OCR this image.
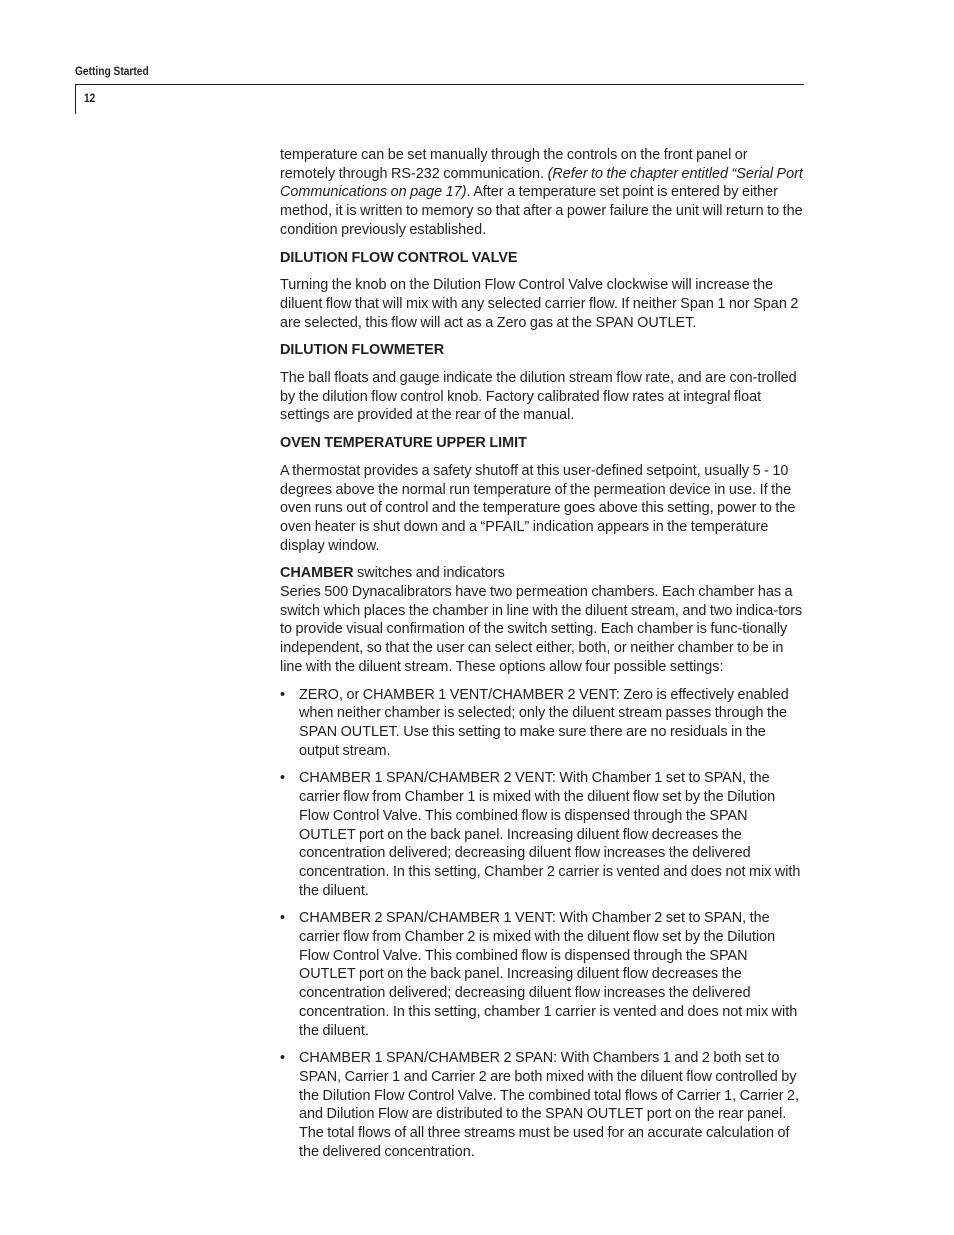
Getting Started
12

temperature can be set manually through the controls on the front panel or remotely through RS-232 communication. (Refer to the chapter entitled “Serial Port Communications on page 17). After a temperature set point is entered by either method, it is written to memory so that after a power failure the unit will return to the condition previously established.

DILUTION FLOW CONTROL VALVE

Turning the knob on the Dilution Flow Control Valve clockwise will increase the diluent flow that will mix with any selected carrier flow. If neither Span 1 nor Span 2 are selected, this flow will act as a Zero gas at the SPAN OUTLET.

DILUTION FLOWMETER

The ball floats and gauge indicate the dilution stream flow rate, and are con-trolled by the dilution flow control knob. Factory calibrated flow rates at integral float settings are provided at the rear of the manual.

OVEN TEMPERATURE UPPER LIMIT

A thermostat provides a safety shutoff at this user-defined setpoint, usually 5 - 10 degrees above the normal run temperature of the permeation device in use. If the oven runs out of control and the temperature goes above this setting, power to the oven heater is shut down and a “PFAIL” indication appears in the temperature display window.

CHAMBER switches and indicators

Series 500 Dynacalibrators have two permeation chambers. Each chamber has a switch which places the chamber in line with the diluent stream, and two indica-tors to provide visual confirmation of the switch setting. Each chamber is func-tionally independent, so that the user can select either, both, or neither chamber to be in line with the diluent stream. These options allow four possible settings:

• ZERO, or CHAMBER 1 VENT/CHAMBER 2 VENT: Zero is effectively enabled when neither chamber is selected; only the diluent stream passes through the SPAN OUTLET. Use this setting to make sure there are no residuals in the output stream.
• CHAMBER 1 SPAN/CHAMBER 2 VENT: With Chamber 1 set to SPAN, the carrier flow from Chamber 1 is mixed with the diluent flow set by the Dilution Flow Control Valve. This combined flow is dispensed through the SPAN OUTLET port on the back panel. Increasing diluent flow decreases the concentration delivered; decreasing diluent flow increases the delivered concentration. In this setting, Chamber 2 carrier is vented and does not mix with the diluent.
• CHAMBER 2 SPAN/CHAMBER 1 VENT: With Chamber 2 set to SPAN, the carrier flow from Chamber 2 is mixed with the diluent flow set by the Dilution Flow Control Valve. This combined flow is dispensed through the SPAN OUTLET port on the back panel. Increasing diluent flow decreases the concentration delivered; decreasing diluent flow increases the delivered concentration. In this setting, chamber 1 carrier is vented and does not mix with the diluent.
• CHAMBER 1 SPAN/CHAMBER 2 SPAN: With Chambers 1 and 2 both set to SPAN, Carrier 1 and Carrier 2 are both mixed with the diluent flow controlled by the Dilution Flow Control Valve. The combined total flows of Carrier 1, Carrier 2, and Dilution Flow are distributed to the SPAN OUTLET port on the rear panel. The total flows of all three streams must be used for an accurate calculation of the delivered concentration.
